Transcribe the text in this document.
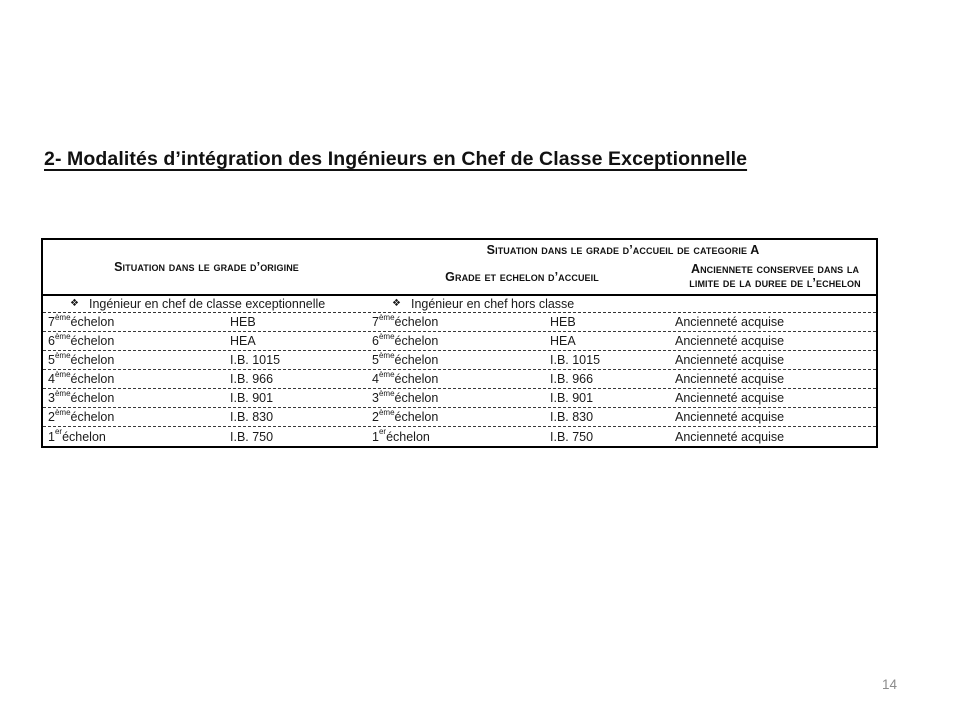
2- Modalités d’intégration des Ingénieurs en Chef de Classe Exceptionnelle
Situation dans le grade d’origine
Situation dans le grade d’accueil de categorie A
Grade et echelon d’accueil
Anciennete conservee dans la
limite de la duree de l’echelon
❖ Ingénieur en chef de classe exceptionnelle	❖ Ingénieur en chef hors classe
7ème échelon	HEB	7ème échelon	HEB	Ancienneté acquise
6ème échelon	HEA	6ème échelon	HEA	Ancienneté acquise
5ème échelon	I.B. 1015	5ème échelon	I.B. 1015	Ancienneté acquise
4ème échelon	I.B. 966	4ème échelon	I.B. 966	Ancienneté acquise
3ème échelon	I.B. 901	3ème échelon	I.B. 901	Ancienneté acquise
2ème échelon	I.B. 830	2ème échelon	I.B. 830	Ancienneté acquise
1er échelon	I.B. 750	1er échelon	I.B. 750	Ancienneté acquise
14
